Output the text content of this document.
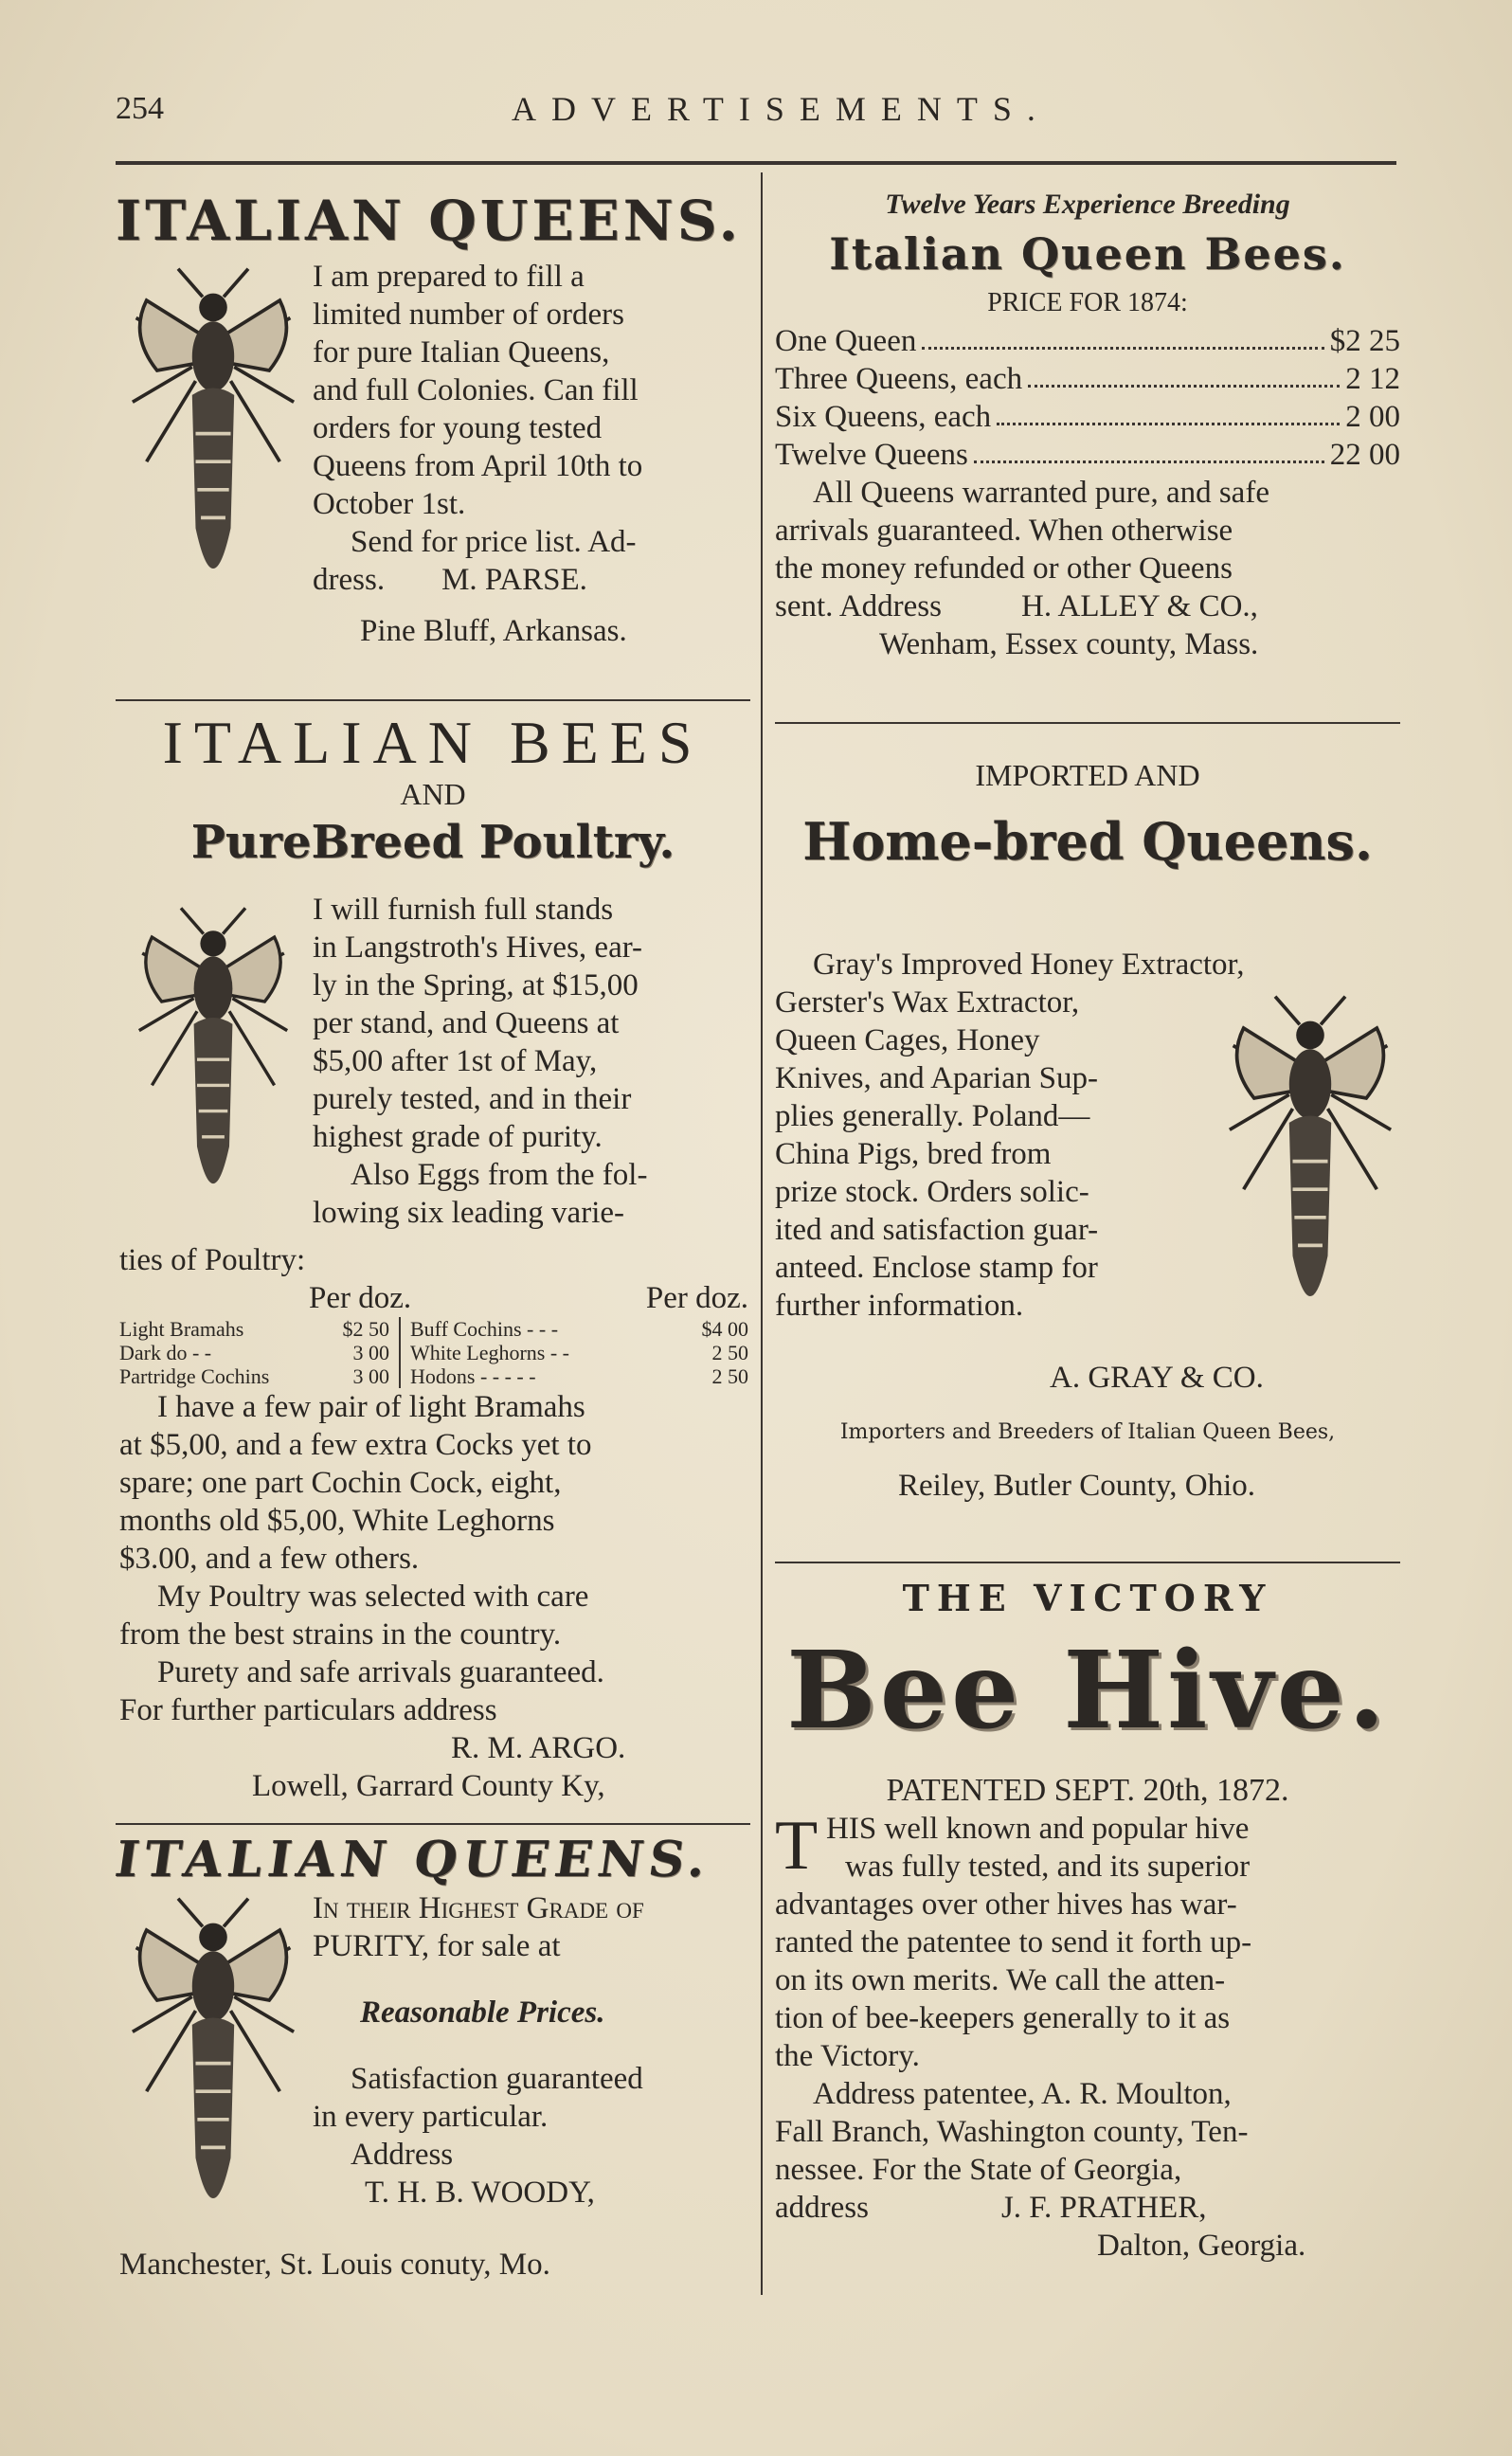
254	ADVERTISEMENTS.
ITALIAN QUEENS.

I am prepared to fill a

limited number of orders

for pure Italian Queens,

and full Colonies. Can fill

orders for young tested

Queens from April 10th to

October 1st.

Send for price list. Ad-

dress. M. PARSE.

Pine Bluff, Arkansas.

ITALIAN BEES
AND
PureBreed Poultry.

I will furnish full stands

in Langstroth's Hives, ear-

ly in the Spring, at $15,00

per stand, and Queens at

$5,00 after 1st of May,

purely tested, and in their

highest grade of purity.

Also Eggs from the fol-

lowing six leading varie-

ties of Poultry:

Per doz.	Per doz.
Light Bramahs	$2 50 Buff Cochins - - -	$4 00
Dark do - -	3 00 White Leghorns - -	2 50
Partridge Cochins	3 00 Hodons - - - - -	2 50

I have a few pair of light Bramahs

at $5,00, and a few extra Cocks yet to

spare; one part Cochin Cock, eight,

months old $5,00, White Leghorns

$3.00, and a few others.

My Poultry was selected with care

from the best strains in the country.

Purety and safe arrivals guaranteed.

For further particulars address

R. M. ARGO.

Lowell, Garrard County Ky,

ITALIAN QUEENS.

In their Highest Grade of

PURITY, for sale at

Reasonable Prices.

Satisfaction guaranteed

in every particular.

Address

T. H. B. WOODY,

Manchester, St. Louis conuty, Mo.

Twelve Years Experience Breeding

Italian Queen Bees.

PRICE FOR 1874:

One Queen	$2 25
Three Queens, each	2 12
Six Queens, each	2 00
Twelve Queens	22 00

All Queens warranted pure, and safe

arrivals guaranteed. When otherwise

the money refunded or other Queens

sent. Address	H. ALLEY & CO.,

Wenham, Essex county, Mass.

IMPORTED AND

Home-bred Queens.

Gray's Improved Honey Extractor,

Gerster's Wax Extractor,

Queen Cages, Honey

Knives, and Aparian Sup-

plies generally. Poland—

China Pigs, bred from

prize stock. Orders solic-

ited and satisfaction guar-

anteed. Enclose stamp for

further information.

A. GRAY & CO.

Importers and Breeders of Italian Queen Bees,

Reiley, Butler County, Ohio.

THE VICTORY

Bee Hive.

PATENTED SEPT. 20th, 1872.

T HIS well known and popular hive

was fully tested, and its superior

advantages over other hives has war-

ranted the patentee to send it forth up-

on its own merits. We call the atten-

tion of bee-keepers generally to it as

the Victory.

Address patentee, A. R. Moulton,

Fall Branch, Washington county, Ten-

nessee. For the State of Georgia,

address	J. F. PRATHER,

Dalton, Georgia.
